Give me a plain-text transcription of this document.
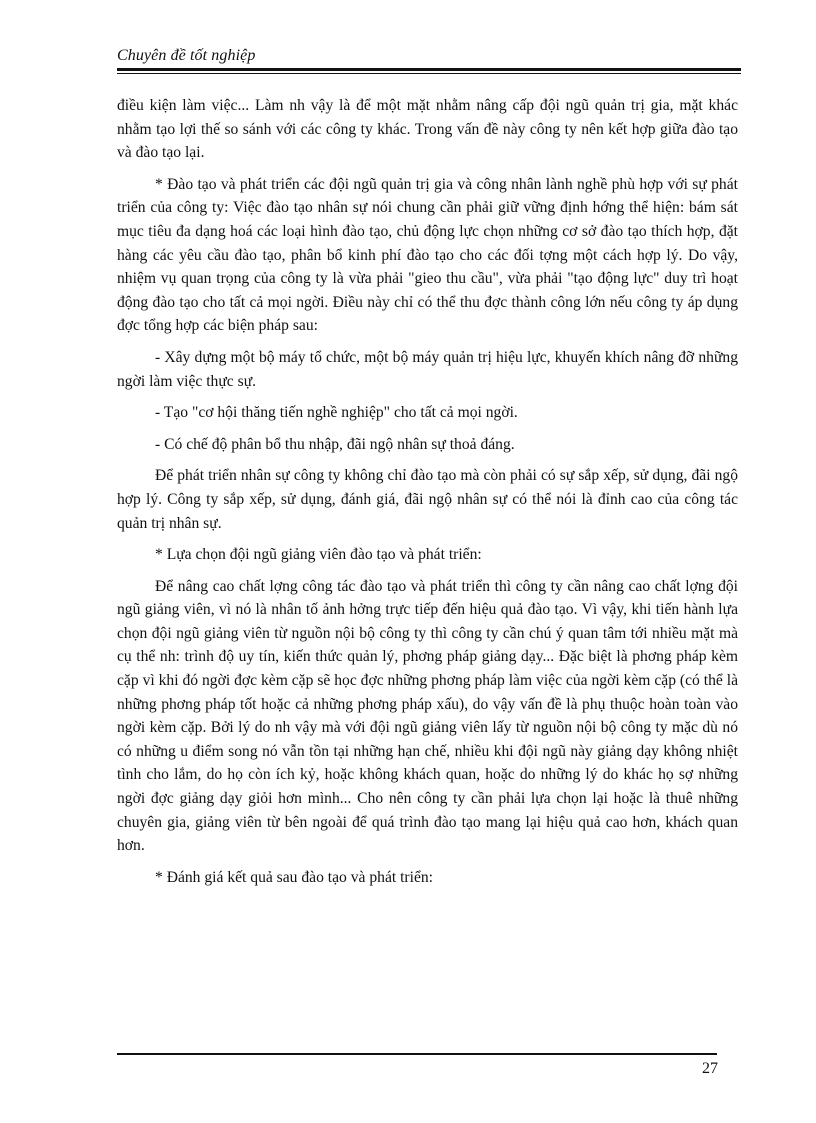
Chuyên đề tốt nghiệp

điều kiện làm việc... Làm nh vậy là để một mặt nhằm nâng cấp đội ngũ quản trị gia, mặt khác nhằm tạo lợi thế so sánh với các công ty khác. Trong vấn đề này công ty nên kết hợp giữa đào tạo và đào tạo lại.

* Đào tạo và phát triển các đội ngũ quản trị gia và công nhân lành nghề phù hợp với sự phát triển của công ty: Việc đào tạo nhân sự nói chung cần phải giữ vững định hớng thể hiện: bám sát mục tiêu đa dạng hoá các loại hình đào tạo, chủ động lực chọn những cơ sở đào tạo thích hợp, đặt hàng các yêu cầu đào tạo, phân bổ kinh phí đào tạo cho các đối tợng một cách hợp lý. Do vậy, nhiệm vụ quan trọng của công ty là vừa phải "gieo thu cầu", vừa phải "tạo động lực" duy trì hoạt động đào tạo cho tất cả mọi ngời. Điều này chỉ có thể thu đợc thành công lớn nếu công ty áp dụng đợc tổng hợp các biện pháp sau:

- Xây dựng một bộ máy tổ chức, một bộ máy quản trị hiệu lực, khuyến khích nâng đỡ những ngời làm việc thực sự.

- Tạo "cơ hội thăng tiến nghề nghiệp" cho tất cả mọi ngời.

- Có chế độ phân bổ thu nhập, đãi ngộ nhân sự thoả đáng.

Để phát triển nhân sự công ty không chỉ đào tạo mà còn phải có sự sắp xếp, sử dụng, đãi ngộ hợp lý. Công ty sắp xếp, sử dụng, đánh giá, đãi ngộ nhân sự có thể nói là đỉnh cao của công tác quản trị nhân sự.

* Lựa chọn đội ngũ giảng viên đào tạo và phát triển:

Để nâng cao chất lợng công tác đào tạo và phát triển thì công ty cần nâng cao chất lợng đội ngũ giảng viên, vì nó là nhân tố ảnh hởng trực tiếp đến hiệu quả đào tạo. Vì vậy, khi tiến hành lựa chọn đội ngũ giảng viên từ nguồn nội bộ công ty thì công ty cần chú ý quan tâm tới nhiều mặt mà cụ thể nh: trình độ uy tín, kiến thức quản lý, phơng pháp giảng dạy... Đặc biệt là phơng pháp kèm cặp vì khi đó ngời đợc kèm cặp sẽ học đợc những phơng pháp làm việc của ngời kèm cặp (có thể là những phơng pháp tốt hoặc cả những phơng pháp xấu), do vậy vấn đề là phụ thuộc hoàn toàn vào ngời kèm cặp. Bởi lý do nh vậy mà với đội ngũ giảng viên lấy từ nguồn nội bộ công ty mặc dù nó có những u điểm song nó vẫn tồn tại những hạn chế, nhiều khi đội ngũ này giảng dạy không nhiệt tình cho lắm, do họ còn ích kỷ, hoặc không khách quan, hoặc do những lý do khác họ sợ những ngời đợc giảng dạy giỏi hơn mình... Cho nên công ty cần phải lựa chọn lại hoặc là thuê những chuyên gia, giảng viên từ bên ngoài để quá trình đào tạo mang lại hiệu quả cao hơn, khách quan hơn.

* Đánh giá kết quả sau đào tạo và phát triển:

27
